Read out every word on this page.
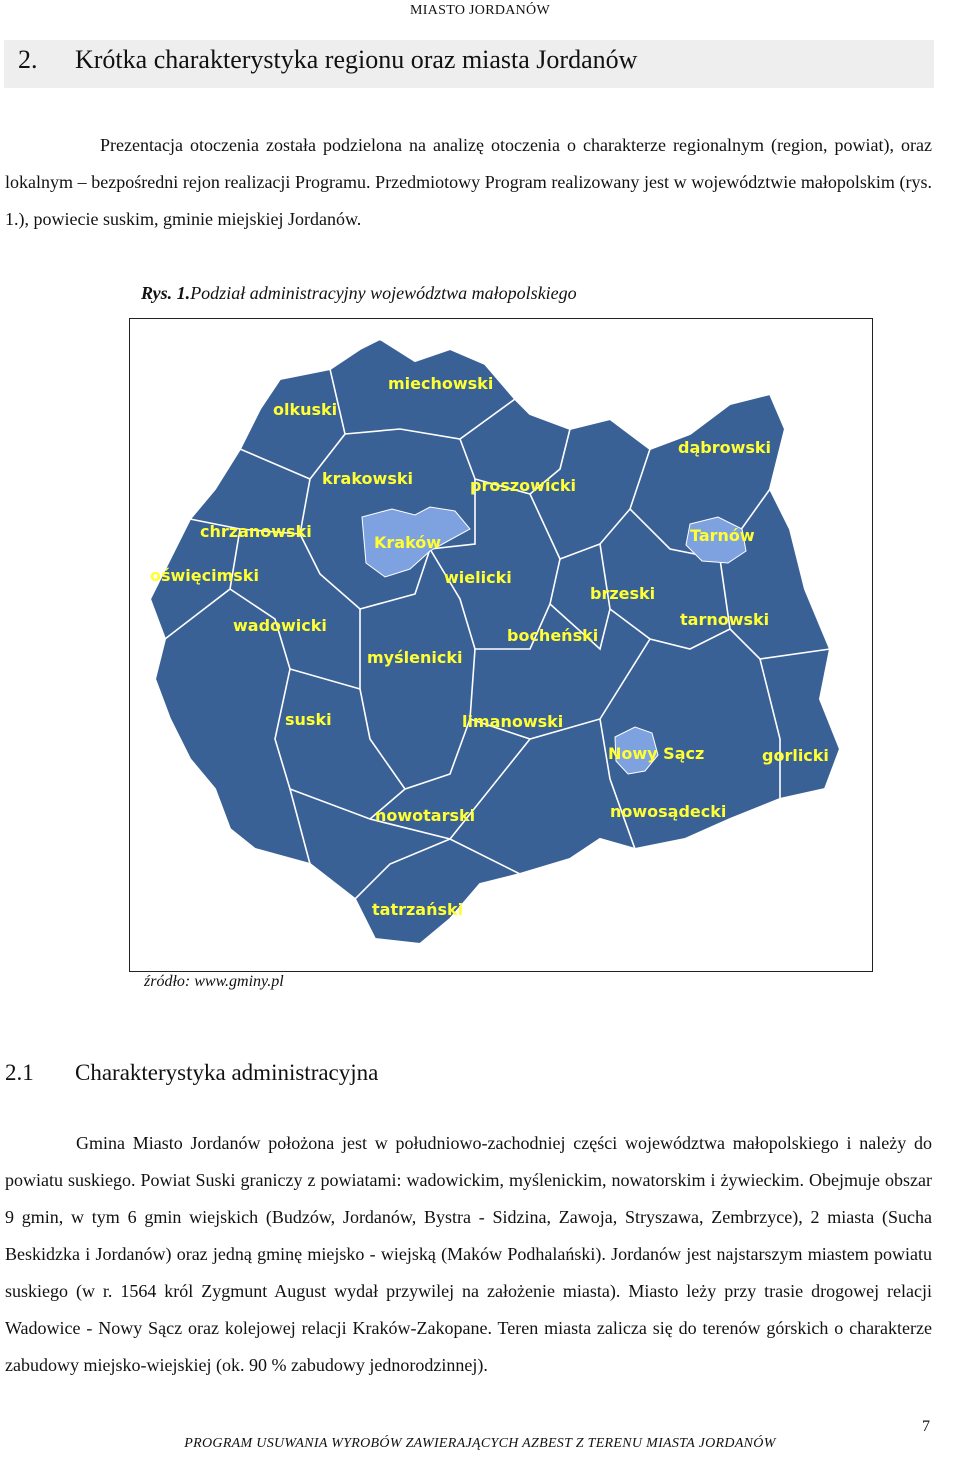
MIASTO JORDANÓW
2. Krótka charakterystyka regionu oraz miasta Jordanów

Prezentacja otoczenia została podzielona na analizę otoczenia o charakterze regionalnym (region, powiat), oraz lokalnym – bezpośredni rejon realizacji Programu. Przedmiotowy Program realizowany jest w województwie małopolskim (rys. 1.), powiecie suskim, gminie miejskiej Jordanów.

Rys. 1.Podział administracyjny województwa małopolskiego
miechowski
olkuski
dąbrowski
krakowski	proszowicki
chrzanowski
Kraków	Tarnów
oświęcimski	wielicki
brzeski
wadowicki	tarnowski
bocheński
myślenicki
suski	limanowski
Nowy Sącz	gorlicki
nowotarski	nowosądecki
tatrzański
źródło: www.gminy.pl
2.1 Charakterystyka administracyjna

Gmina Miasto Jordanów położona jest w południowo-zachodniej części województwa małopolskiego i należy do powiatu suskiego. Powiat Suski graniczy z powiatami: wadowickim, myślenickim, nowatorskim i żywieckim. Obejmuje obszar 9 gmin, w tym 6 gmin wiejskich (Budzów, Jordanów, Bystra - Sidzina, Zawoja, Stryszawa, Zembrzyce), 2 miasta (Sucha Beskidzka i Jordanów) oraz jedną gminę miejsko - wiejską (Maków Podhalański). Jordanów jest najstarszym miastem powiatu suskiego (w r. 1564 król Zygmunt August wydał przywilej na założenie miasta). Miasto leży przy trasie drogowej relacji Wadowice - Nowy Sącz oraz kolejowej relacji Kraków-Zakopane. Teren miasta zalicza się do terenów górskich o charakterze zabudowy miejsko-wiejskiej (ok. 90 % zabudowy jednorodzinnej).

7
PROGRAM USUWANIA WYROBÓW ZAWIERAJĄCYCH AZBEST Z TERENU MIASTA JORDANÓW
